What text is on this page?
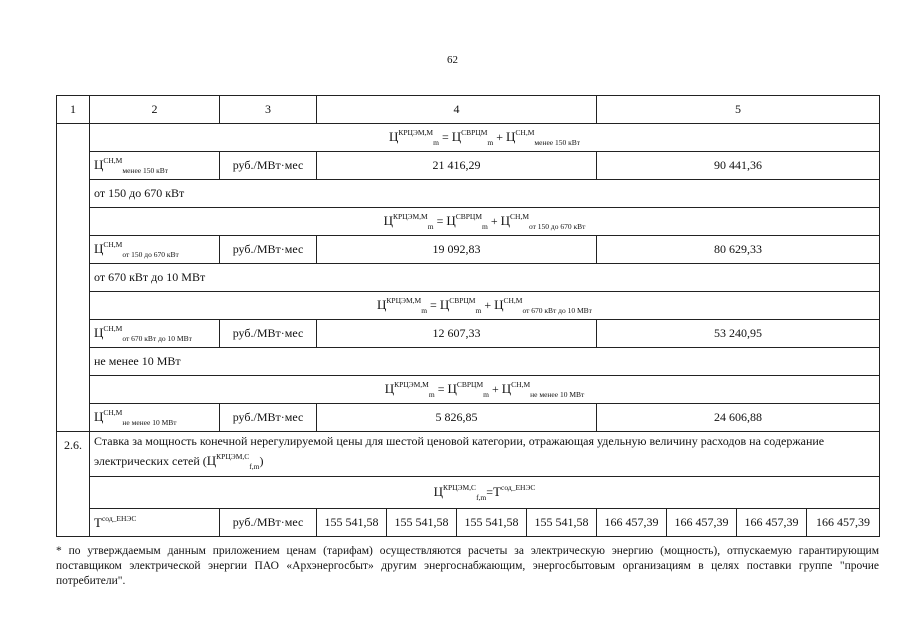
62
1	2	3	4				5			
	$Ц^{КРЦЭМ,М}_m = Ц^{СВРЦМ}_m + Ц^{СН,М}_{менее 150 кВт}$
	$Ц^{СН,М}_{менее 150 кВт}$	руб./МВт·мес	21 416,29				90 441,36			
	от 150 до 670 кВт									
	$Ц^{КРЦЭМ,М}_m = Ц^{СВРЦМ}_m + Ц^{СН,М}_{от 150 до 670 кВт}$
	$Ц^{СН,М}_{от 150 до 670 кВт}$	руб./МВт·мес	19 092,83				80 629,33			
	от 670 кВт до 10 МВт									
	$Ц^{КРЦЭМ,М}_m = Ц^{СВРЦМ}_m + Ц^{СН,М}_{от 670 кВт до 10 МВт}$
	$Ц^{СН,М}_{от 670 кВт до 10 МВт}$	руб./МВт·мес	12 607,33				53 240,95			
	не менее 10 МВт									
	$Ц^{КРЦЭМ,М}_m = Ц^{СВРЦМ}_m + Ц^{СН,М}_{не менее 10 МВт}$
	$Ц^{СН,М}_{не менее 10 МВт}$	руб./МВт·мес	5 826,85				24 606,88			
2.6.	Ставка за мощность конечной нерегулируемой цены для шестой ценовой категории, отражающая удельную величину расходов на содержание электрических сетей $(Ц^{КРЦЭМ,С}_{f,m})$									
	$Ц^{КРЦЭМ,С}_{f,m}=Т^{сод\_ЕНЭС}$
	$Т^{сод\_ЕНЭС}$	руб./МВт·мес	155 541,58	155 541,58	155 541,58	155 541,58	166 457,39	166 457,39	166 457,39	166 457,39
* по утверждаемым данным приложением ценам (тарифам) осуществляются расчеты за электрическую энергию (мощность), отпускаемую гарантирующим поставщиком электрической энергии ПАО «Архэнергосбыт» другим энергоснабжающим, энергосбытовым организациям в целях поставки группе "прочие потребители".
